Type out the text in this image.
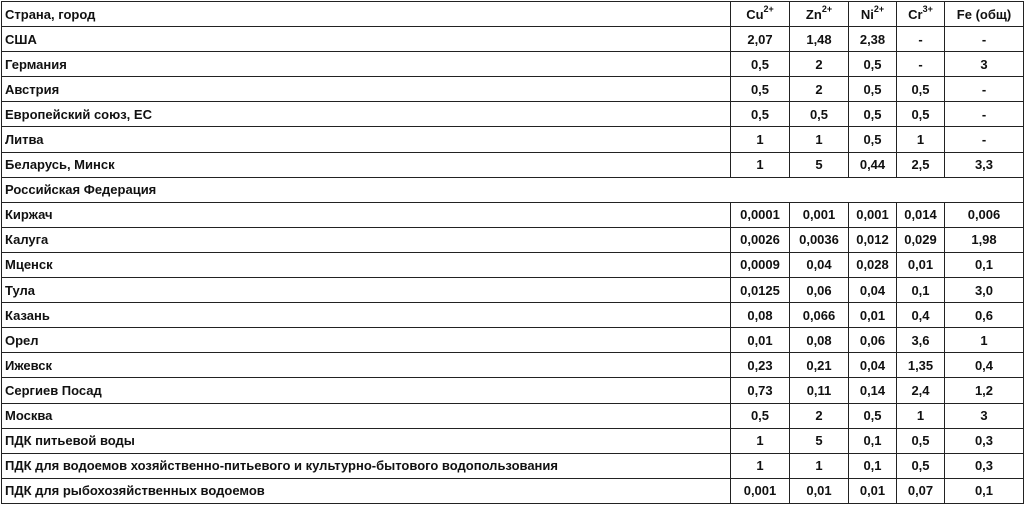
Страна, город	$Cu^{2+}$	$Zn^{2+}$	$Ni^{2+}$	$Cr^{3+}$	Fe (общ)
США	2,07	1,48	2,38	-	-
Германия	0,5	2	0,5	-	3
Австрия	0,5	2	0,5	0,5	-
Европейский союз, ЕС	0,5	0,5	0,5	0,5	-
Литва	1	1	0,5	1	-
Беларусь, Минск	1	5	0,44	2,5	3,3
Российская Федерация					
Киржач	0,0001	0,001	0,001	0,014	0,006
Калуга	0,0026	0,0036	0,012	0,029	1,98
Мценск	0,0009	0,04	0,028	0,01	0,1
Тула	0,0125	0,06	0,04	0,1	3,0
Казань	0,08	0,066	0,01	0,4	0,6
Орел	0,01	0,08	0,06	3,6	1
Ижевск	0,23	0,21	0,04	1,35	0,4
Сергиев Посад	0,73	0,11	0,14	2,4	1,2
Москва	0,5	2	0,5	1	3
ПДК питьевой воды	1	5	0,1	0,5	0,3
ПДК для водоемов хозяйственно-питьевого и культурно-бытового водопользования	1	1	0,1	0,5	0,3
ПДК для рыбохозяйственных водоемов	0,001	0,01	0,01	0,07	0,1
